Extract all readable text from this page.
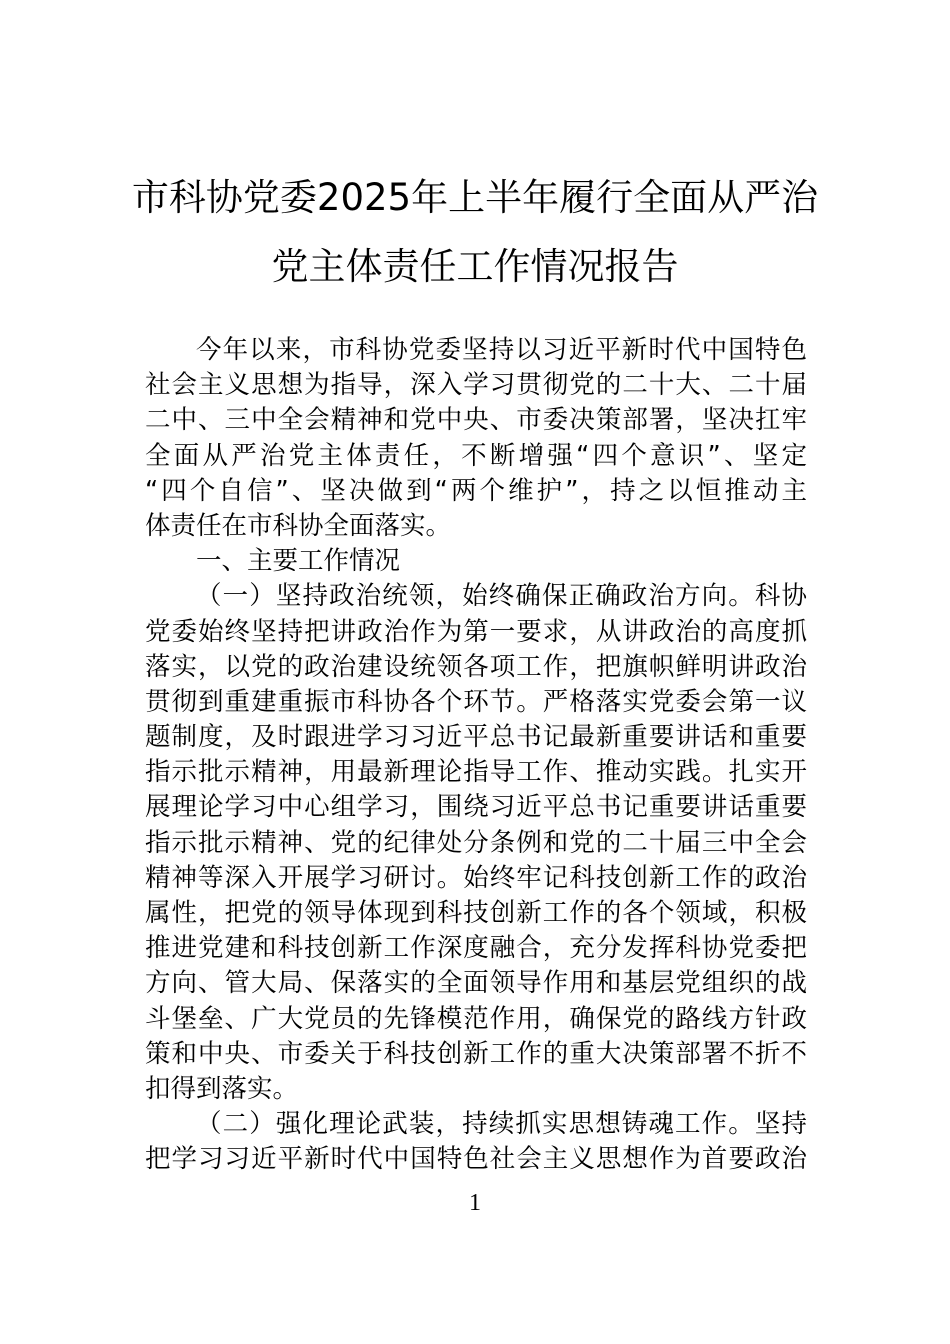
市科协党委2025年上半年履行全面从严治
党主体责任工作情况报告
今年以来，市科协党委坚持以习近平新时代中国特色
社会主义思想为指导，深入学习贯彻党的二十大、二十届
二中、三中全会精神和党中央、市委决策部署，坚决扛牢
全面从严治党主体责任，不断增强“四个意识”、坚定
“四个自信”、坚决做到“两个维护”，持之以恒推动主
体责任在市科协全面落实。
一、主要工作情况
（一）坚持政治统领，始终确保正确政治方向。科协
党委始终坚持把讲政治作为第一要求，从讲政治的高度抓
落实，以党的政治建设统领各项工作，把旗帜鲜明讲政治
贯彻到重建重振市科协各个环节。严格落实党委会第一议
题制度，及时跟进学习习近平总书记最新重要讲话和重要
指示批示精神，用最新理论指导工作、推动实践。扎实开
展理论学习中心组学习，围绕习近平总书记重要讲话重要
指示批示精神、党的纪律处分条例和党的二十届三中全会
精神等深入开展学习研讨。始终牢记科技创新工作的政治
属性，把党的领导体现到科技创新工作的各个领域，积极
推进党建和科技创新工作深度融合，充分发挥科协党委把
方向、管大局、保落实的全面领导作用和基层党组织的战
斗堡垒、广大党员的先锋模范作用，确保党的路线方针政
策和中央、市委关于科技创新工作的重大决策部署不折不
扣得到落实。
（二）强化理论武装，持续抓实思想铸魂工作。坚持
把学习习近平新时代中国特色社会主义思想作为首要政治
1
